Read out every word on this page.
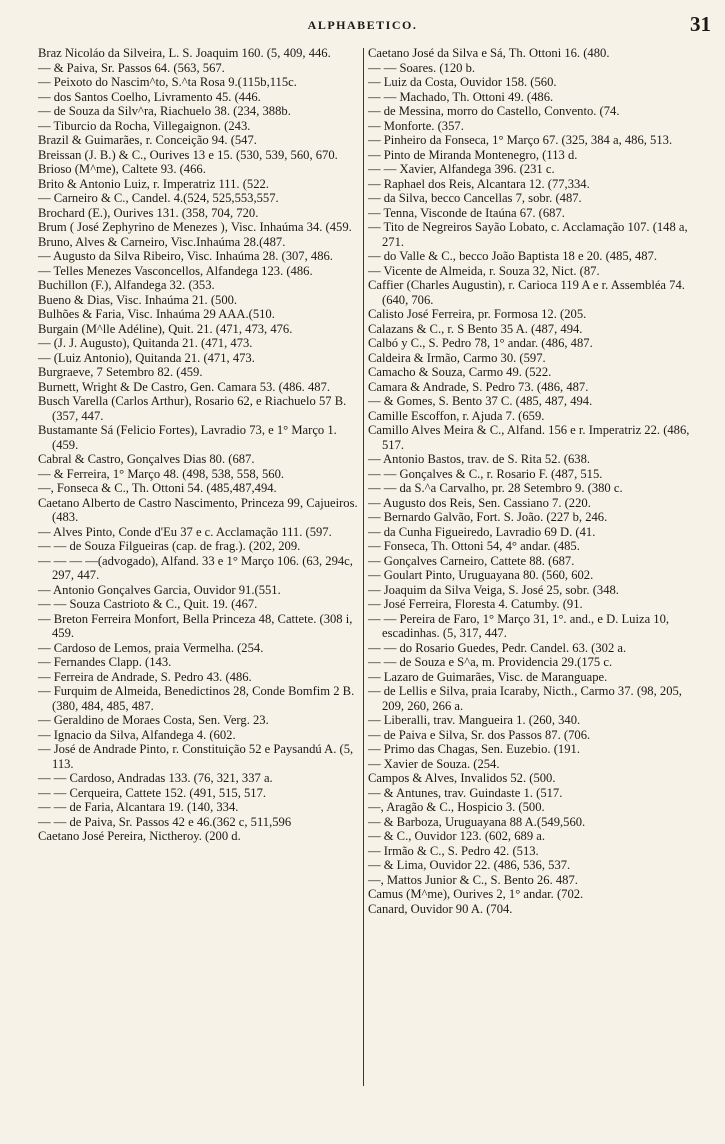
ALPHABETICO.	31
Braz Nicoláo da Silveira, L. S. Joaquim 160. (5, 409, 446.
— & Paiva, Sr. Passos 64. (563, 567.
— Peixoto do Nascim^to, S.^ta Rosa 9.(115b,115c.
— dos Santos Coelho, Livramento 45. (446.
— de Souza da Silv^ra, Riachuelo 38. (234, 388b.
— Tiburcio da Rocha, Villegaignon. (243.
Brazil & Guimarães, r. Conceição 94. (547.
Breissan (J. B.) & C., Ourives 13 e 15. (530, 539, 560, 670.
Brioso (M^me), Caltete 93. (466.
Brito & Antonio Luiz, r. Imperatriz 111. (522.
— Carneiro & C., Candel. 4.(524, 525,553,557.
Brochard (E.), Ourives 131. (358, 704, 720.
Brum ( José Zephyrino de Menezes ), Visc. Inhaúma 34. (459.
Bruno, Alves & Carneiro, Visc.Inhaúma 28.(487.
— Augusto da Silva Ribeiro, Visc. Inhaúma 28. (307, 486.
— Telles Menezes Vasconcellos, Alfandega 123. (486.
Buchillon (F.), Alfandega 32. (353.
Bueno & Dias, Visc. Inhaúma 21. (500.
Bulhões & Faria, Visc. Inhaúma 29 AAA.(510.
Burgain (M^lle Adéline), Quit. 21. (471, 473, 476.
— (J. J. Augusto), Quitanda 21. (471, 473.
— (Luiz Antonio), Quitanda 21. (471, 473.
Burgraeve, 7 Setembro 82. (459.
Burnett, Wright & De Castro, Gen. Camara 53. (486. 487.
Busch Varella (Carlos Arthur), Rosario 62, e Riachuelo 57 B. (357, 447.
Bustamante Sá (Felicio Fortes), Lavradio 73, e 1° Março 1. (459.
Cabral & Castro, Gonçalves Dias 80. (687.
— & Ferreira, 1° Março 48. (498, 538, 558, 560.
—, Fonseca & C., Th. Ottoni 54. (485,487,494.
Caetano Alberto de Castro Nascimento, Princeza 99, Cajueiros. (483.
— Alves Pinto, Conde d'Eu 37 e c. Acclamação 111. (597.
— — de Souza Filgueiras (cap. de frag.). (202, 209.
— — — —(advogado), Alfand. 33 e 1° Março 106. (63, 294c, 297, 447.
— Antonio Gonçalves Garcia, Ouvidor 91.(551.
— — Souza Castrioto & C., Quit. 19. (467.
— Breton Ferreira Monfort, Bella Princeza 48, Cattete. (308 i, 459.
— Cardoso de Lemos, praia Vermelha. (254.
— Fernandes Clapp. (143.
— Ferreira de Andrade, S. Pedro 43. (486.
— Furquim de Almeida, Benedictinos 28, Conde Bomfim 2 B. (380, 484, 485, 487.
— Geraldino de Moraes Costa, Sen. Verg. 23.
— Ignacio da Silva, Alfandega 4. (602.
— José de Andrade Pinto, r. Constituição 52 e Paysandú A. (5, 113.
— — Cardoso, Andradas 133. (76, 321, 337 a.
— — Cerqueira, Cattete 152. (491, 515, 517.
— — de Faria, Alcantara 19. (140, 334.
— — de Paiva, Sr. Passos 42 e 46.(362 c, 511,596
Caetano José Pereira, Nictheroy. (200 d.
Caetano José da Silva e Sá, Th. Ottoni 16. (480.
— — Soares. (120 b.
— Luiz da Costa, Ouvidor 158. (560.
— — Machado, Th. Ottoni 49. (486.
— de Messina, morro do Castello, Convento. (74.
— Monforte. (357.
— Pinheiro da Fonseca, 1° Março 67. (325, 384 a, 486, 513.
— Pinto de Miranda Montenegro, (113 d.
— — Xavier, Alfandega 396. (231 c.
— Raphael dos Reis, Alcantara 12. (77,334.
— da Silva, becco Cancellas 7, sobr. (487.
— Tenna, Visconde de Itaúna 67. (687.
— Tito de Negreiros Sayão Lobato, c. Acclamação 107. (148 a, 271.
— do Valle & C., becco João Baptista 18 e 20. (485, 487.
— Vicente de Almeida, r. Souza 32, Nict. (87.
Caffier (Charles Augustin), r. Carioca 119 A e r. Assembléa 74. (640, 706.
Calisto José Ferreira, pr. Formosa 12. (205.
Calazans & C., r. S Bento 35 A. (487, 494.
Calbó y C., S. Pedro 78, 1° andar. (486, 487.
Caldeira & Irmão, Carmo 30. (597.
Camacho & Souza, Carmo 49. (522.
Camara & Andrade, S. Pedro 73. (486, 487.
— & Gomes, S. Bento 37 C. (485, 487, 494.
Camille Escoffon, r. Ajuda 7. (659.
Camillo Alves Meira & C., Alfand. 156 e r. Imperatriz 22. (486, 517.
— Antonio Bastos, trav. de S. Rita 52. (638.
— — Gonçalves & C., r. Rosario F. (487, 515.
— — da S.^a Carvalho, pr. 28 Setembro 9. (380 c.
— Augusto dos Reis, Sen. Cassiano 7. (220.
— Bernardo Galvão, Fort. S. João. (227 b, 246.
— da Cunha Figueiredo, Lavradio 69 D. (41.
— Fonseca, Th. Ottoni 54, 4° andar. (485.
— Gonçalves Carneiro, Cattete 88. (687.
— Goulart Pinto, Uruguayana 80. (560, 602.
— Joaquim da Silva Veiga, S. José 25, sobr. (348.
— José Ferreira, Floresta 4. Catumby. (91.
— — Pereira de Faro, 1° Março 31, 1°. and., e D. Luiza 10, escadinhas. (5, 317, 447.
— — do Rosario Guedes, Pedr. Candel. 63. (302 a.
— — de Souza e S^a, m. Providencia 29.(175 c.
— Lazaro de Guimarães, Visc. de Maranguape.
— de Lellis e Silva, praia Icaraby, Nicth., Carmo 37. (98, 205, 209, 260, 266 a.
— Liberalli, trav. Mangueira 1. (260, 340.
— de Paiva e Silva, Sr. dos Passos 87. (706.
— Primo das Chagas, Sen. Euzebio. (191.
— Xavier de Souza. (254.
Campos & Alves, Invalidos 52. (500.
— & Antunes, trav. Guindaste 1. (517.
—, Aragão & C., Hospicio 3. (500.
— & Barboza, Uruguayana 88 A.(549,560.
— & C., Ouvidor 123. (602, 689 a.
— Irmão & C., S. Pedro 42. (513.
— & Lima, Ouvidor 22. (486, 536, 537.
—, Mattos Junior & C., S. Bento 26. 487.
Camus (M^me), Ourives 2, 1° andar. (702.
Canard, Ouvidor 90 A. (704.
